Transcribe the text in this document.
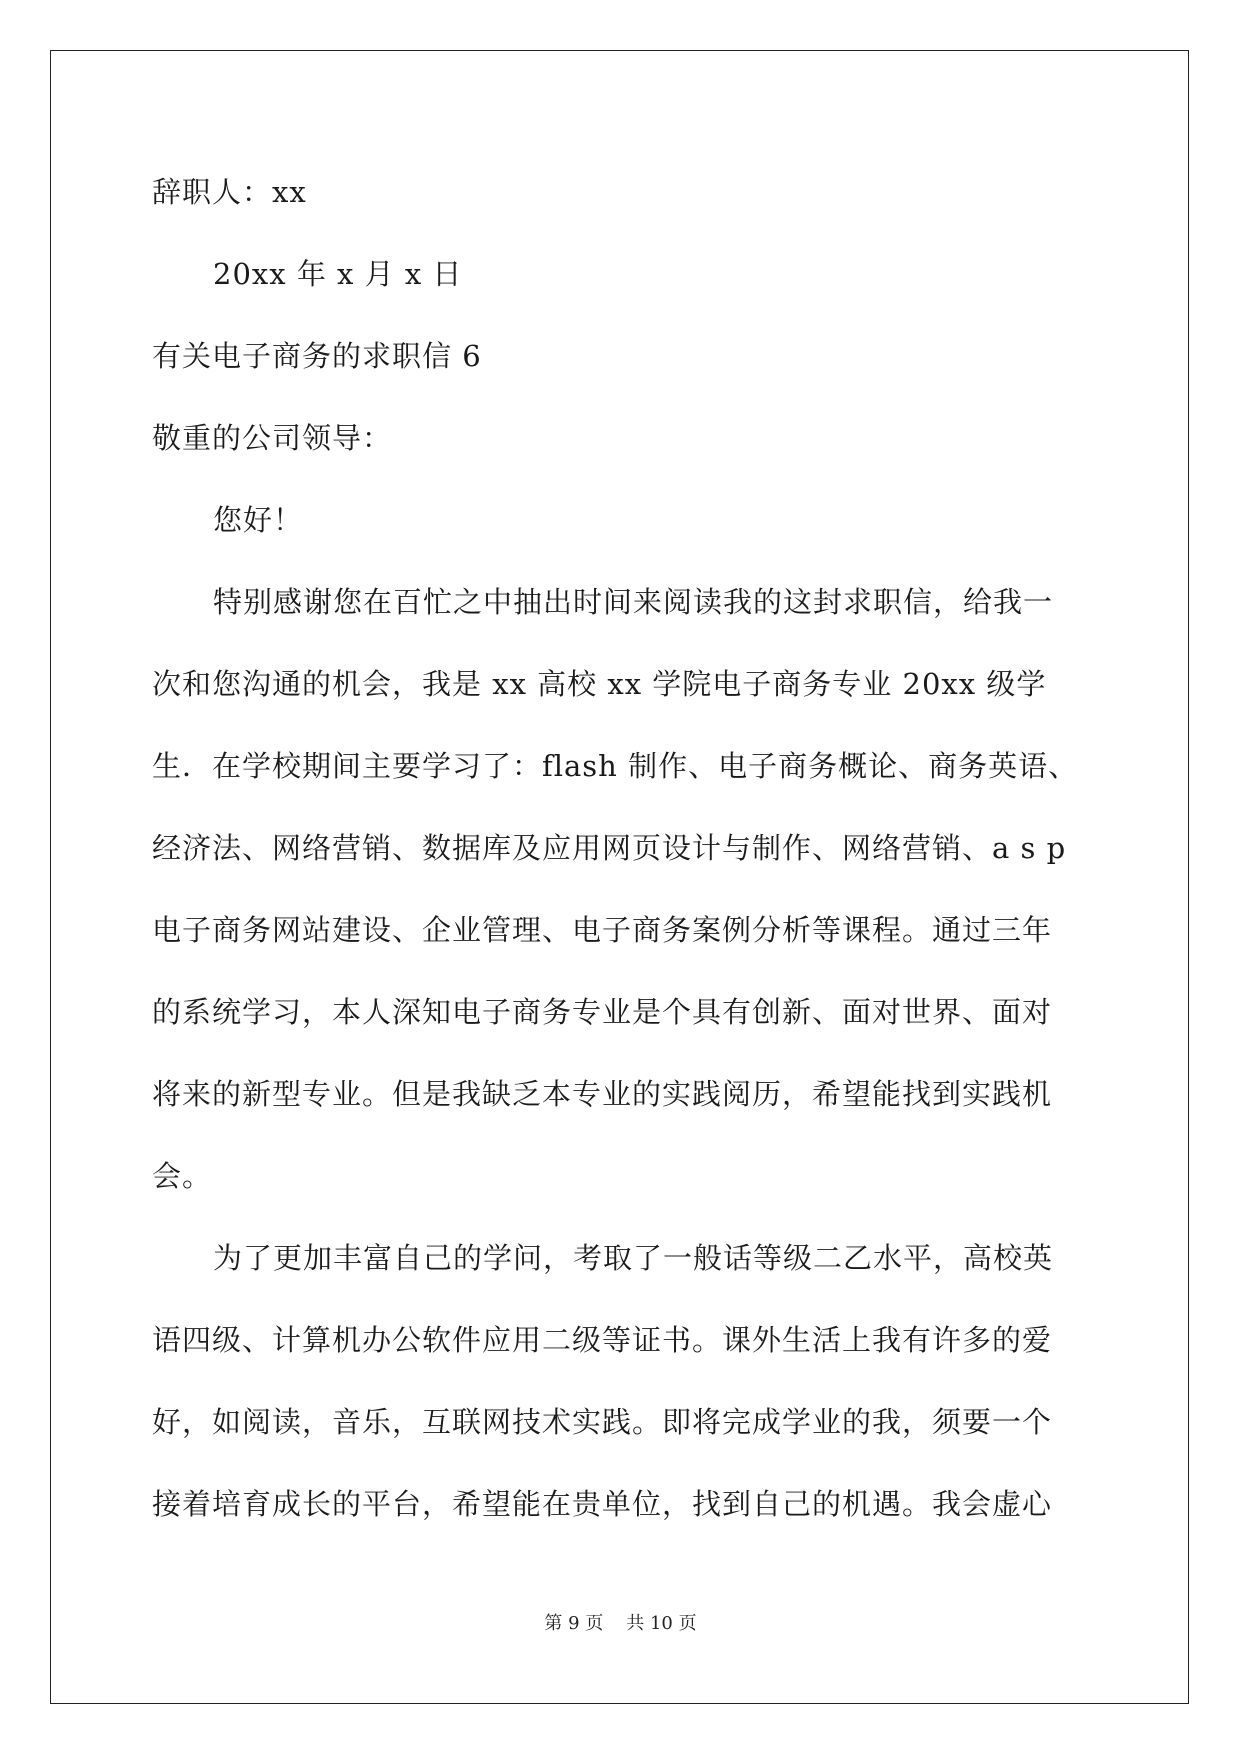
辞职人：xx

20xx 年 x 月 x 日

有关电子商务的求职信 6

敬重的公司领导：

您好！

特别感谢您在百忙之中抽出时间来阅读我的这封求职信，给我一

次和您沟通的机会，我是 xx 高校 xx 学院电子商务专业 20xx 级学

生．在学校期间主要学习了：flash 制作、电子商务概论、商务英语、

经济法、网络营销、数据库及应用网页设计与制作、网络营销、a s p

电子商务网站建设、企业管理、电子商务案例分析等课程。通过三年

的系统学习，本人深知电子商务专业是个具有创新、面对世界、面对

将来的新型专业。但是我缺乏本专业的实践阅历，希望能找到实践机

会。

为了更加丰富自己的学问，考取了一般话等级二乙水平，高校英

语四级、计算机办公软件应用二级等证书。课外生活上我有许多的爱

好，如阅读，音乐，互联网技术实践。即将完成学业的我，须要一个

接着培育成长的平台，希望能在贵单位，找到自己的机遇。我会虚心

第 9 页 共 10 页
